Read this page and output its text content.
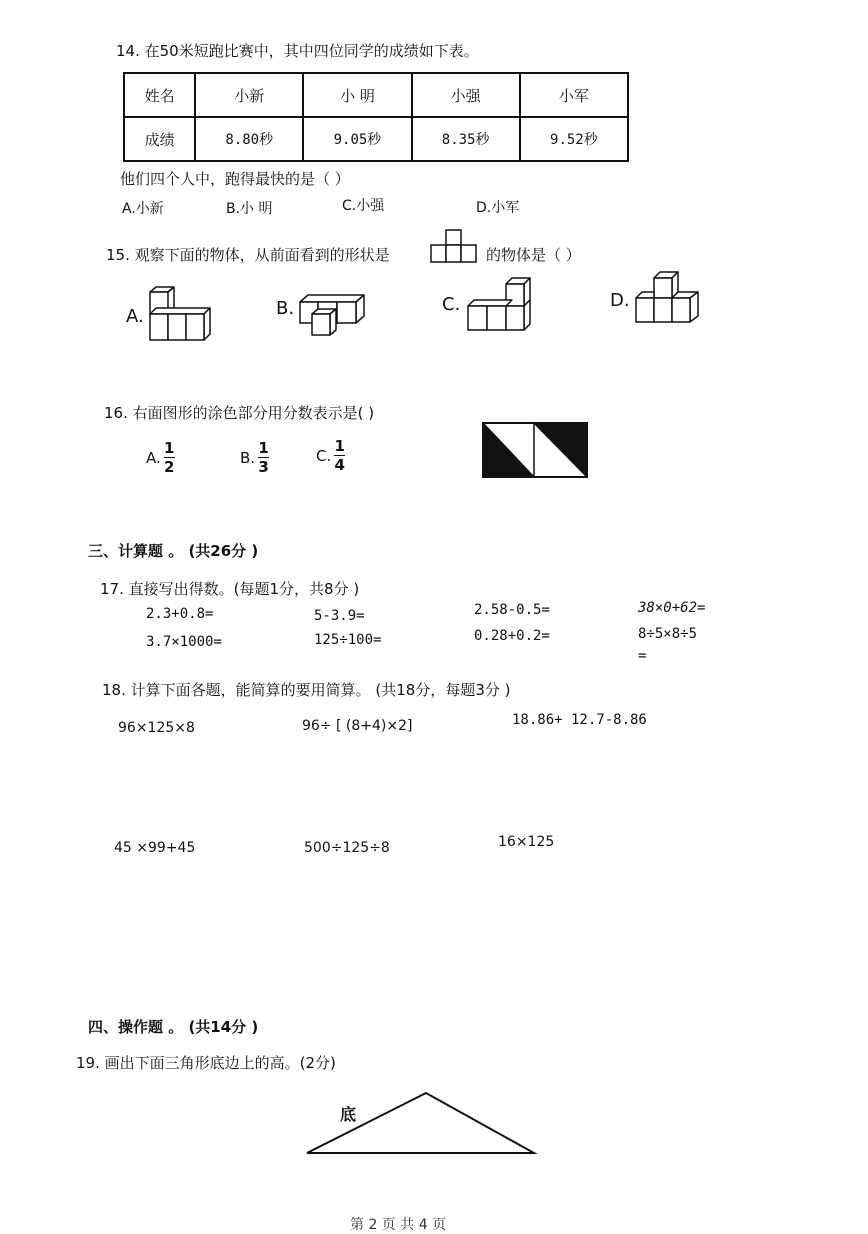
14. 在50米短跑比赛中，其中四位同学的成绩如下表。
姓名	小新	小 明	小强	小军
成绩	8.80秒	9.05秒	8.35秒	9.52秒
他们四个人中，跑得最快的是（ ）
A.小新	B.小 明	C.小强	D.小军
15. 观察下面的物体，从前面看到的形状是	的物体是（ ）
A.	B.	C.	D.
16. 右面图形的涂色部分用分数表示是( )
A.
1
2
B.
1
3
C.
1
4
三、计算题 。 (共26分 )
17. 直接写出得数。(每题1分，共8分 )
2.3+0.8=	5-3.9=	2.58-0.5=	38×0+62=
3.7×1000=	125÷100=	0.28+0.2=	8÷5×8÷5
=
18. 计算下面各题，能简算的要用简算。 (共18分，每题3分 )
96×125×8	96÷ [ (8+4)×2]	18.86+ 12.7-8.86
45 ×99+45	500÷125÷8	16×125
四、操作题 。 (共14分 )
19. 画出下面三角形底边上的高。(2分)
底
第 2 页 共 4 页
